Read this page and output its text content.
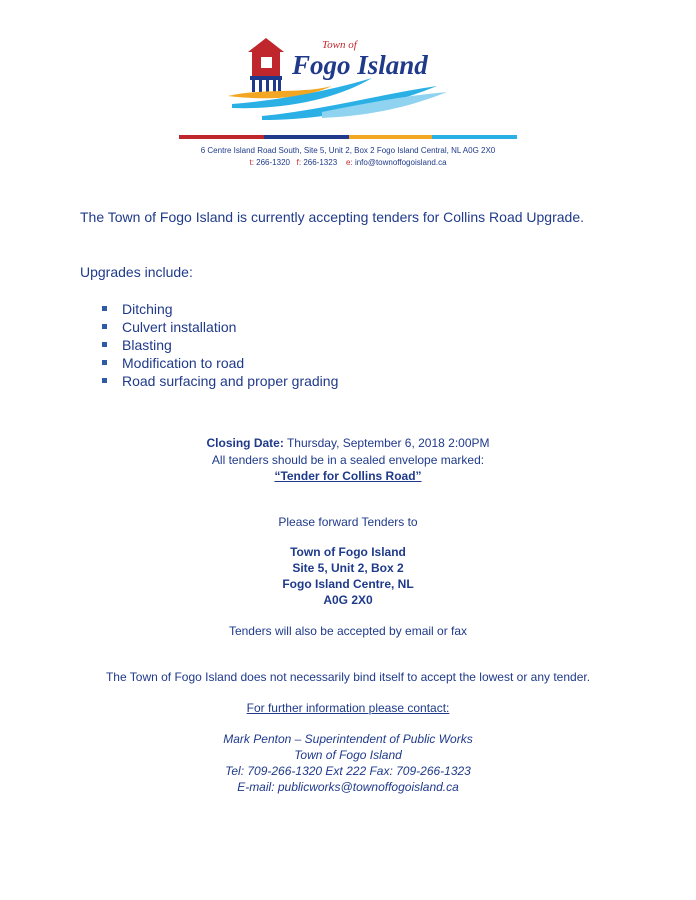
Town of
Fogo Island
6 Centre Island Road South, Site 5, Unit 2, Box 2 Fogo Island Central, NL A0G 2X0
t: 266-1320 f: 266-1323 e: info@townoffogoisland.ca
The Town of Fogo Island is currently accepting tenders for Collins Road Upgrade.
Upgrades include:
Ditching
Culvert installation
Blasting
Modification to road
Road surfacing and proper grading
Closing Date: Thursday, September 6, 2018 2:00PM
All tenders should be in a sealed envelope marked:
“Tender for Collins Road”
Please forward Tenders to
Town of Fogo Island
Site 5, Unit 2, Box 2
Fogo Island Centre, NL
A0G 2X0
Tenders will also be accepted by email or fax
The Town of Fogo Island does not necessarily bind itself to accept the lowest or any tender.
For further information please contact:
Mark Penton – Superintendent of Public Works
Town of Fogo Island
Tel: 709-266-1320 Ext 222 Fax: 709-266-1323
E-mail: publicworks@townoffogoisland.ca
